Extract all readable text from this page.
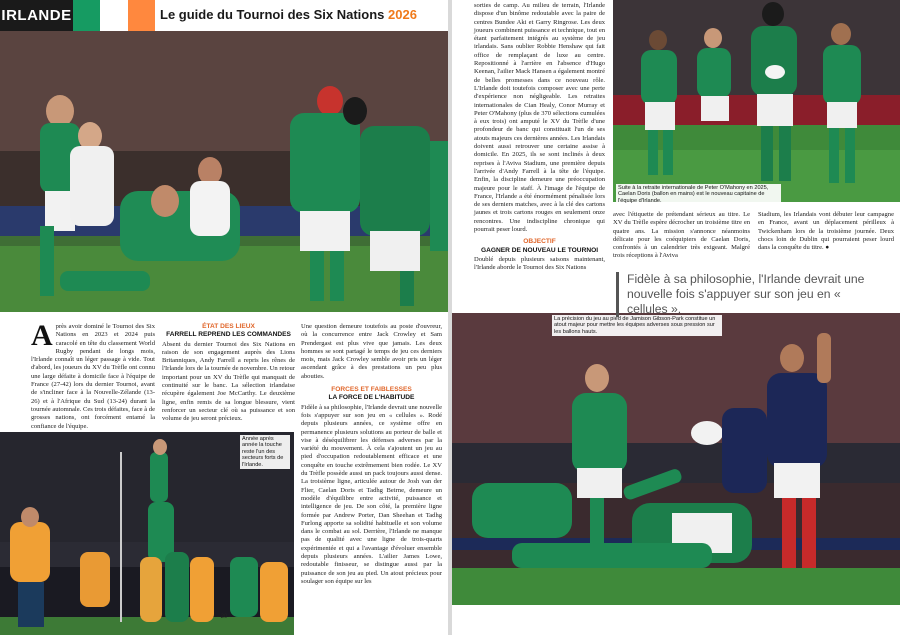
IRLANDE	Le guide du Tournoi des Six Nations 2026
Après avoir dominé le Tournoi des Six Nations en 2023 et 2024 puis caracolé en tête du classement World Rugby pendant de longs mois, l'Irlande connaît un léger passage à vide. Tout d'abord, les joueurs du XV du Trèfle ont connu une large défaite à domicile face à l'équipe de France (27-42) lors du dernier Tournoi, avant de s'incliner face à la Nouvelle-Zélande (13-26) et à l'Afrique du Sud (13-24) durant la tournée automnale. Ces trois défaites, face à de grosses nations, ont forcément entamé la confiance de l'équipe.
ÉTAT DES LIEUX
FARRELL REPREND LES COMMANDES
Absent du dernier Tournoi des Six Nations en raison de son engagement auprès des Lions Britanniques, Andy Farrell a repris les rênes de l'Irlande lors de la tournée de novembre. Un retour important pour un XV du Trèfle qui manquait de continuité sur le banc. La sélection irlandaise récupère également Joe McCarthy. Le deuxième ligne, enfin remis de sa longue blessure, vient renforcer un secteur clé où sa puissance et son volume de jeu seront précieux.
Une question demeure toutefois au poste d'ouvreur, où la concurrence entre Jack Crowley et Sam Prendergast est plus vive que jamais. Les deux hommes se sont partagé le temps de jeu ces derniers mois, mais Jack Crowley semble avoir pris un léger ascendant grâce à des prestations un peu plus abouties.
FORCES ET FAIBLESSES
LA FORCE DE L'HABITUDE
Fidèle à sa philosophie, l'Irlande devrait une nouvelle fois s'appuyer sur son jeu en « cellules ». Rodé depuis plusieurs années, ce système offre en permanence plusieurs solutions au porteur de balle et vise à déséquilibrer les défenses adverses par la variété du mouvement. À cela s'ajoutent un jeu au pied d'occupation redoutablement efficace et une conquête en touche extrêmement bien rodée. Le XV du Trèfle possède aussi un pack toujours aussi dense. La troisième ligne, articulée autour de Josh van der Flier, Caelan Doris et Tadhg Beirne, demeure un modèle d'équilibre entre activité, puissance et intelligence de jeu. De son côté, la première ligne formée par Andrew Porter, Dan Sheehan et Tadhg Furlong apporte sa solidité habituelle et son volume dans le combat au sol. Derrière, l'Irlande ne manque pas de qualité avec une ligne de trois-quarts expérimentée et qui a l'avantage d'évoluer ensemble depuis plusieurs années. L'ailier James Lowe, redoutable finisseur, se distingue aussi par la puissance de son jeu au pied. Un atout précieux pour soulager son équipe sur les
Année après année la touche reste l'un des secteurs forts de l'Irlande.
- 20 -
sorties de camp. Au milieu de terrain, l'Irlande dispose d'un binôme redoutable avec la paire de centres Bundee Aki et Garry Ringrose. Les deux joueurs combinent puissance et technique, tout en étant parfaitement intégrés au système de jeu irlandais. Sans oublier Robbie Henshaw qui fait office de remplaçant de luxe au centre. Repositionné à l'arrière en l'absence d'Hugo Keenan, l'ailier Mack Hansen a également montré de belles promesses dans ce nouveau rôle. L'Irlande doit toutefois composer avec une perte d'expérience non négligeable. Les retraites internationales de Cian Healy, Conor Murray et Peter O'Mahony (plus de 370 sélections cumulées à eux trois) ont amputé le XV du Trèfle d'une profondeur de banc qui constituait l'un de ses atouts majeurs ces dernières années. Les Irlandais doivent aussi retrouver une certaine assise à domicile. En 2025, ils se sont inclinés à deux reprises à l'Aviva Stadium, une première depuis l'arrivée d'Andy Farrell à la tête de l'équipe. Enfin, la discipline demeure une préoccupation majeure pour le staff. À l'image de l'équipe de France, l'Irlande a été énormément pénalisée lors de ses derniers matches, avec à la clé des cartons jaunes et trois cartons rouges en seulement onze rencontres. Une indiscipline chronique qui pourrait peser lourd.
OBJECTIF
GAGNER DE NOUVEAU LE TOURNOI
Doublé depuis plusieurs saisons maintenant, l'Irlande aborde le Tournoi des Six Nations
Suite à la retraite internationale de Peter O'Mahony en 2025, Caelan Doris (ballon en mains) est le nouveau capitaine de l'équipe d'Irlande.
avec l'étiquette de prétendant sérieux au titre. Le XV du Trèfle espère décrocher un troisième titre en quatre ans. La mission s'annonce néanmoins délicate pour les coéquipiers de Caelan Doris, confrontés à un calendrier très exigeant. Malgré trois réceptions à l'Aviva
Stadium, les Irlandais vont débuter leur campagne en France, avant un déplacement périlleux à Twickenham lors de la troisième journée. Deux chocs loin de Dublin qui pourraient peser lourd dans la conquête du titre. ●
La précision du jeu au pied de Jamison Gibson-Park constitue un atout majeur pour mettre les équipes adverses sous pression sur les ballons hauts.
Fidèle à sa philosophie, l'Irlande devrait une nouvelle fois s'appuyer sur son jeu en « cellules ».
